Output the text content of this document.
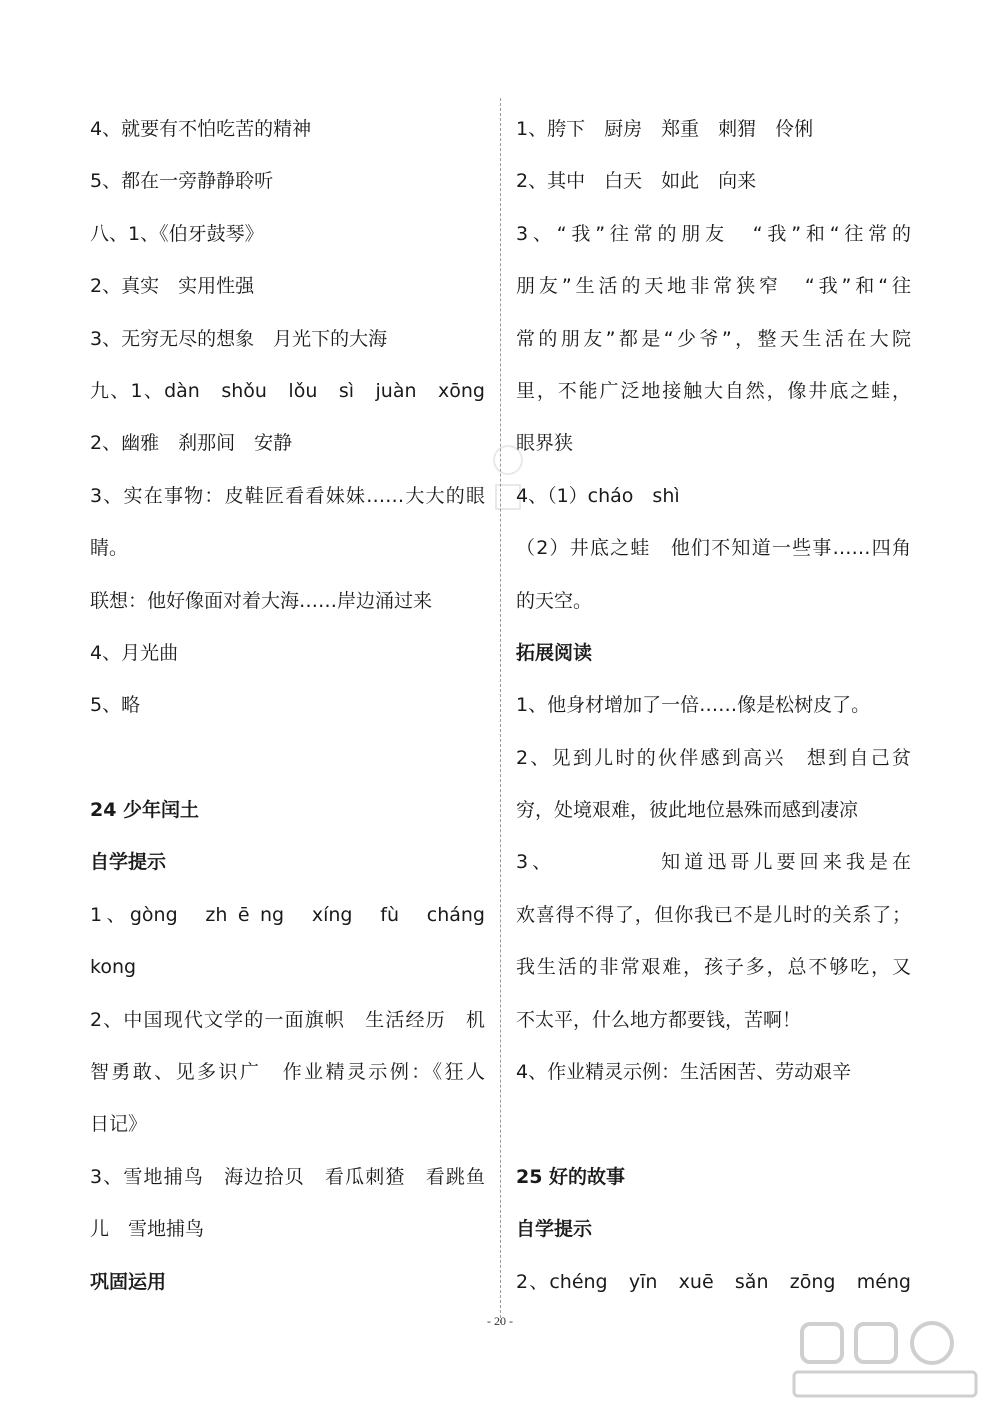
4、就要有不怕吃苦的精神
5、都在一旁静静聆听
八、1、《伯牙鼓琴》
2、真实　实用性强
3、无穷无尽的想象　月光下的大海
九、1、dàn　shǒu　lǒu　sì　juàn　xōng
2、幽雅　刹那间　安静
3、实在事物：皮鞋匠看看妹妹……大大的眼
睛。
联想：他好像面对着大海……岸边涌过来
4、月光曲
5、略
24 少年闰土
自学提示
1、gòng　zh ē ng　xíng　fù　cháng
kong
2、中国现代文学的一面旗帜　生活经历　机
智勇敢、见多识广　作业精灵示例：《狂人
日记》
3、雪地捕鸟　海边拾贝　看瓜刺猹　看跳鱼
儿　雪地捕鸟
巩固运用
1、胯下　厨房　郑重　刺猬　伶俐
2、其中　白天　如此　向来
3、“我”往常的朋友　“我”和“往常的
朋友”生活的天地非常狭窄　“我”和“往
常的朋友”都是“少爷”，整天生活在大院
里，不能广泛地接触大自然，像井底之蛙，
眼界狭
4、（1）cháo　shì
（2）井底之蛙　他们不知道一些事……四角
的天空。
拓展阅读
1、他身材增加了一倍……像是松树皮了。
2、见到儿时的伙伴感到高兴　想到自己贫
穷，处境艰难，彼此地位悬殊而感到凄凉
3、　　　　　知道迅哥儿要回来我是在
欢喜得不得了，但你我已不是儿时的关系了；
我生活的非常艰难，孩子多，总不够吃，又
不太平，什么地方都要钱，苦啊！
4、作业精灵示例：生活困苦、劳动艰辛
25 好的故事
自学提示
2、chéng　yīn　xuē　sǎn　zōng　méng
- 20 -
